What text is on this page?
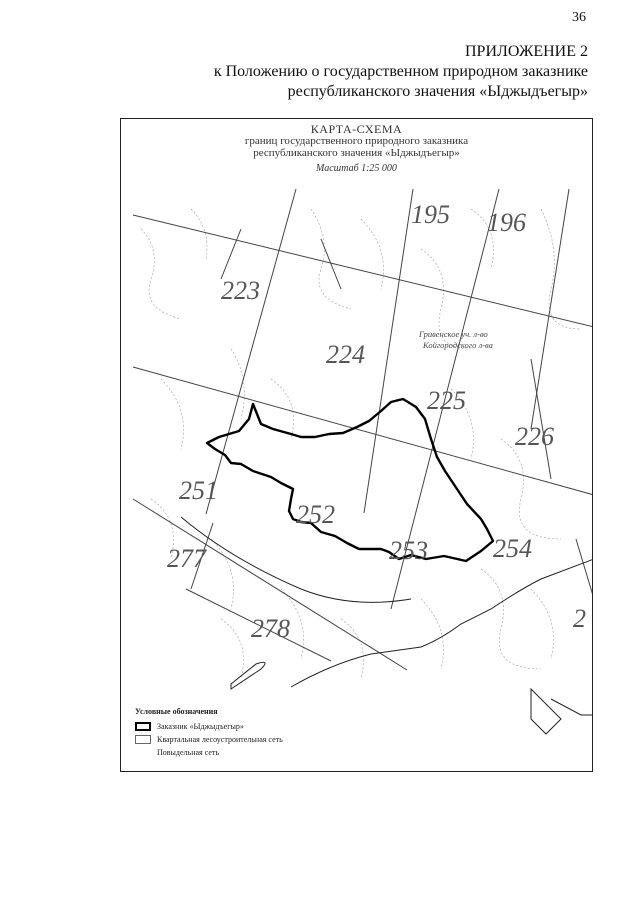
36
ПРИЛОЖЕНИЕ 2
к Положению о государственном природном заказнике
республиканского значения «Ыджыдъегыр»
КАРТА-СХЕМА
границ государственного природного заказника
республиканского значения «Ыджыдъегыр»
Масштаб 1:25 000
195 196
223
224
225
226
251
252
253	254
277
278	2
Гривенское уч. л-во
Койгородского л-ва
Условные обозначения
Заказник «Ыджыдъегыр»
Квартальная лесоустроительная сеть
Повыдельная сеть
